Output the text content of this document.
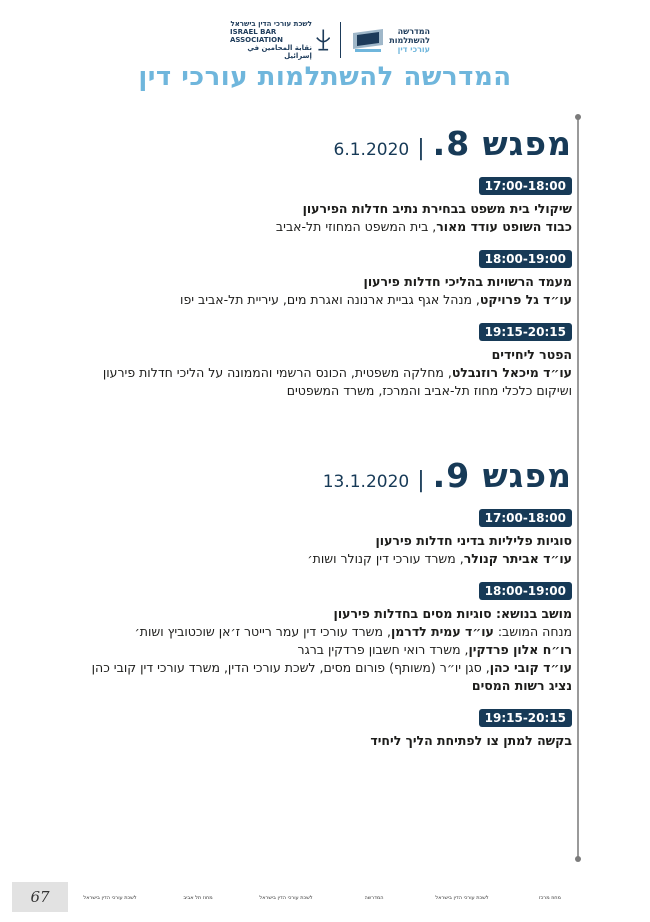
לשכת עורכי הדין בישראל
ISRAEL BAR ASSOCIATION
نقابة المحامين في إسرائيل
המדרשה
להשתלמות
עורכי דין
המדרשה להשתלמות עורכי דין
מפגש 8.
|
6.1.2020
17:00-18:00

שיקולי בית משפט בבחירת נתיב חדלות הפירעון

כבוד השופט עודד מאור, בית המשפט המחוזי תל-אביב

18:00-19:00

מעמד הרשויות בהליכי חדלות פירעון

עו״ד גל פרויקט, מנהל אגף גביית ארנונה ואגרת מים, עיריית תל-אביב יפו

19:15-20:15

הפטר ליחידים

עו״ד מיכאל רוזנבלט, מחלקה משפטית, הכונס הרשמי והממונה על הליכי חדלות פירעון

ושיקום כלכלי מחוז תל-אביב והמרכז, משרד המשפטים

מפגש 9.
|
13.1.2020
17:00-18:00

סוגיות פליליות בדיני חדלות פירעון

עו״ד אביתר קנולר, משרד עורכי דין קנולר ושות׳

18:00-19:00

מושב בנושא: סוגיות מסים בחדלות פירעון

מנחה המושב: עו״ד עמית לדרמן, משרד עורכי דין עמר רייטר ז׳אן שוכטוביץ ושות׳

רו״ח אלון פרדקין, משרד רואי חשבון פרדקין ברגר

עו״ד קובי כהן, סגן יו״ר (משותף) פורום מסים, לשכת עורכי הדין, משרד עורכי דין קובי כהן

נציג רשות המסים

19:15-20:15

בקשה למתן צו לפתיחת הליך ליחיד

67	לשכת עורכי הדין בישראל	מחוז תל אביב	לשכת עורכי הדין בישראל	המדרשה	לשכת עורכי הדין בישראל	מחוז מרכז
